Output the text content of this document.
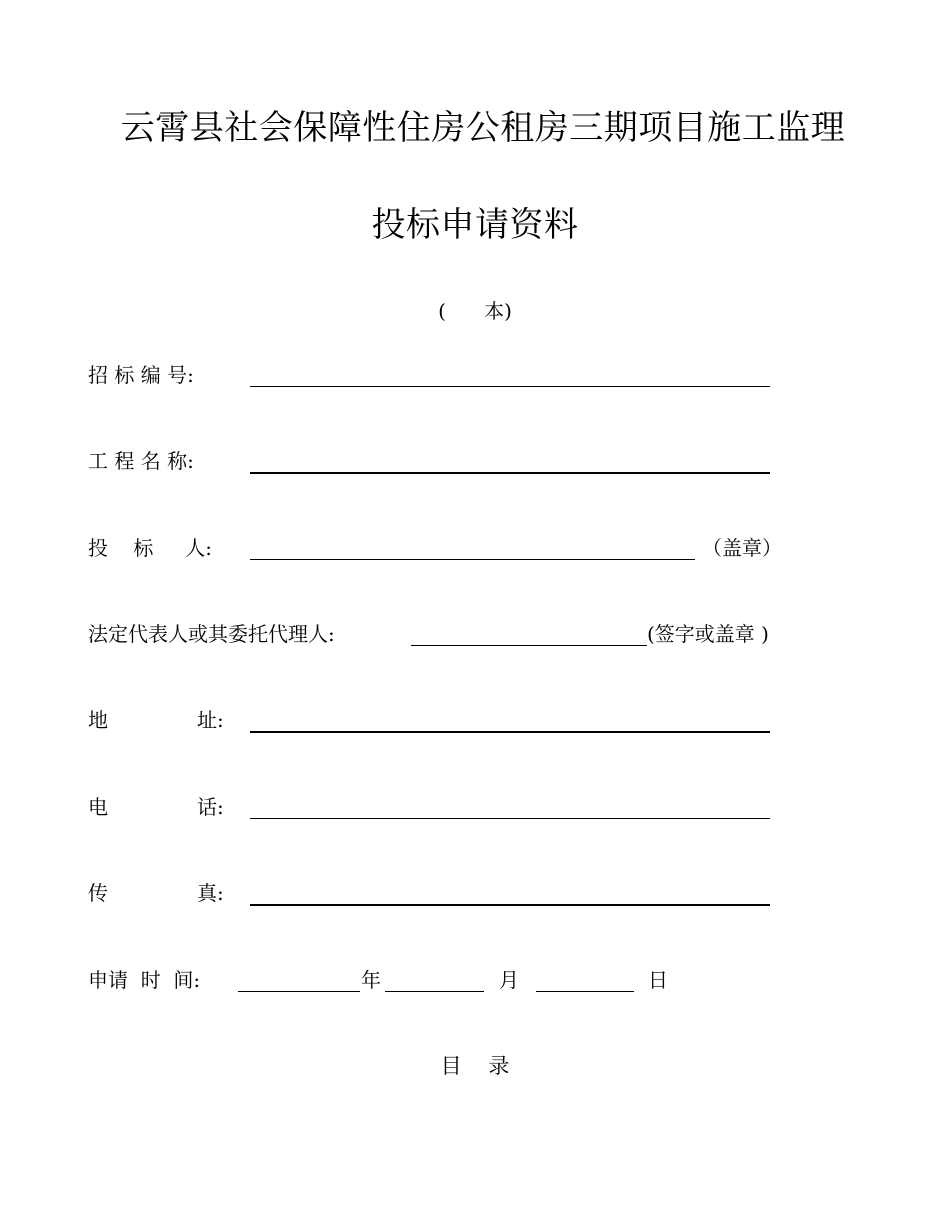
云霄县社会保障性住房公租房三期项目施工监理
投标申请资料
(      本)
招 标 编 号:
工 程 名 称:
投    标     人:	（盖章）
法定代表人或其委托代理人:	(签字或盖章 )
地              址:
电              话:
传              真:
申请  时  间:	年	月	日
目    录
